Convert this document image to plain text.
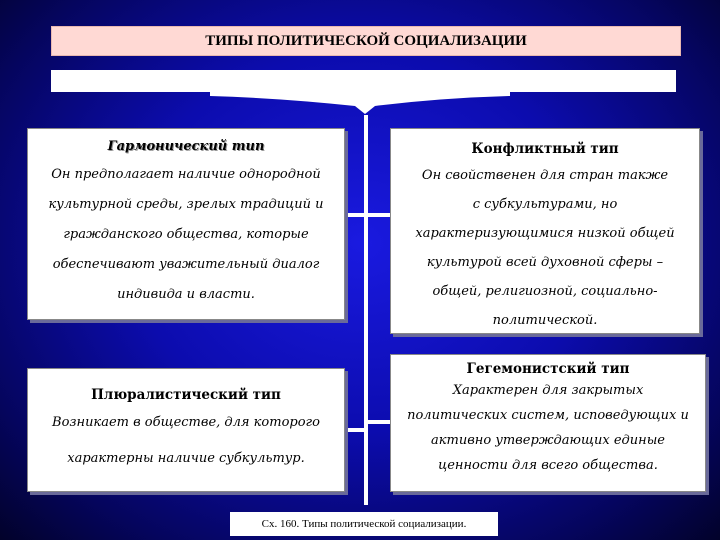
ТИПЫ ПОЛИТИЧЕСКОЙ СОЦИАЛИЗАЦИИ
Гармонический тип
Он предполагает наличие однородной
культурной среды, зрелых традиций и
гражданского общества, которые
обеспечивают уважительный диалог
индивида и власти.
Конфликтный тип
Он свойственен для стран также
с субкультурами, но
характеризующимися низкой общей
культурой всей духовной сферы –
общей, религиозной, социально-
политической.
Плюралистический тип
Возникает в обществе, для которого
характерны наличие субкультур.
Гегемонистский тип
Характерен для закрытых
политических систем, исповедующих и
активно утверждающих единые
ценности для всего общества.
Сх. 160. Типы политической социализации.
